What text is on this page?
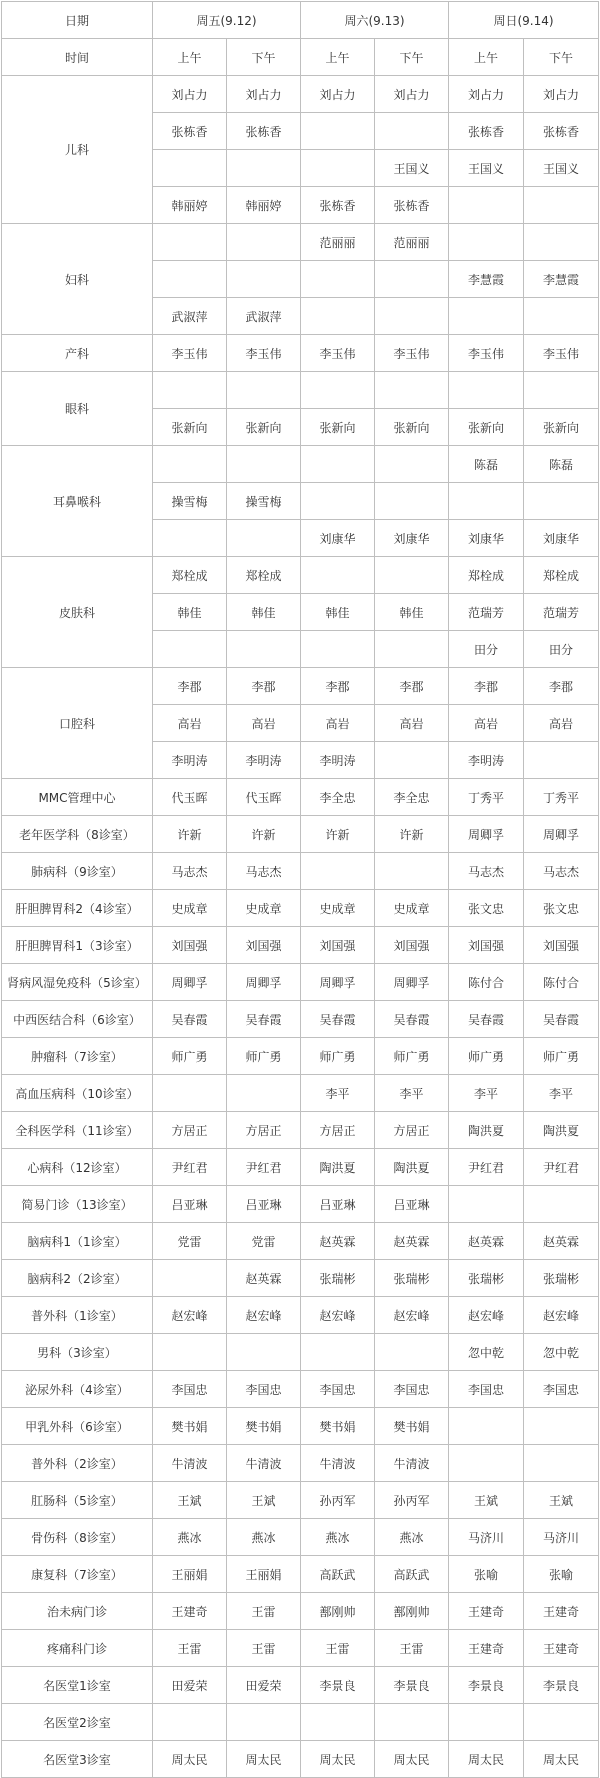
日期	周五(9.12)		周六(9.13)		周日(9.14)	
时间	上午	下午	上午	下午	上午	下午
儿科	刘占力	刘占力	刘占力	刘占力	刘占力	刘占力
	张栋香	张栋香			张栋香	张栋香
				王国义	王国义	王国义
	韩丽婷	韩丽婷	张栋香	张栋香		
妇科			范丽丽	范丽丽		
					李慧霞	李慧霞
	武淑萍	武淑萍				
产科	李玉伟	李玉伟	李玉伟	李玉伟	李玉伟	李玉伟
眼科						
	张新向	张新向	张新向	张新向	张新向	张新向
耳鼻喉科					陈磊	陈磊
	操雪梅	操雪梅				
			刘康华	刘康华	刘康华	刘康华
皮肤科	郑栓成	郑栓成			郑栓成	郑栓成
	韩佳	韩佳	韩佳	韩佳	范瑞芳	范瑞芳
					田分	田分
口腔科	李郡	李郡	李郡	李郡	李郡	李郡
	高岩	高岩	高岩	高岩	高岩	高岩
	李明涛	李明涛	李明涛		李明涛	
MMC管理中心	代玉晖	代玉晖	李全忠	李全忠	丁秀平	丁秀平
老年医学科（8诊室）	许新	许新	许新	许新	周卿孚	周卿孚
肺病科（9诊室）	马志杰	马志杰			马志杰	马志杰
肝胆脾胃科2（4诊室）	史成章	史成章	史成章	史成章	张文忠	张文忠
肝胆脾胃科1（3诊室）	刘国强	刘国强	刘国强	刘国强	刘国强	刘国强
肾病风湿免疫科（5诊室）	周卿孚	周卿孚	周卿孚	周卿孚	陈付合	陈付合
中西医结合科（6诊室）	吴春霞	吴春霞	吴春霞	吴春霞	吴春霞	吴春霞
肿瘤科（7诊室）	师广勇	师广勇	师广勇	师广勇	师广勇	师广勇
高血压病科（10诊室）			李平	李平	李平	李平
全科医学科（11诊室）	方居正	方居正	方居正	方居正	陶洪夏	陶洪夏
心病科（12诊室）	尹红君	尹红君	陶洪夏	陶洪夏	尹红君	尹红君
简易门诊（13诊室）	吕亚琳	吕亚琳	吕亚琳	吕亚琳		
脑病科1（1诊室）	党雷	党雷	赵英霖	赵英霖	赵英霖	赵英霖
脑病科2（2诊室）		赵英霖	张瑞彬	张瑞彬	张瑞彬	张瑞彬
普外科（1诊室）	赵宏峰	赵宏峰	赵宏峰	赵宏峰	赵宏峰	赵宏峰
男科（3诊室）					忽中乾	忽中乾
泌尿外科（4诊室）	李国忠	李国忠	李国忠	李国忠	李国忠	李国忠
甲乳外科（6诊室）	樊书娟	樊书娟	樊书娟	樊书娟		
普外科（2诊室）	牛清波	牛清波	牛清波	牛清波		
肛肠科（5诊室）	王斌	王斌	孙丙军	孙丙军	王斌	王斌
骨伤科（8诊室）	燕冰	燕冰	燕冰	燕冰	马济川	马济川
康复科（7诊室）	王丽娟	王丽娟	高跃武	高跃武	张喻	张喻
治未病门诊	王建奇	王雷	鄯刚帅	鄯刚帅	王建奇	王建奇
疼痛科门诊	王雷	王雷	王雷	王雷	王建奇	王建奇
名医堂1诊室	田爱荣	田爱荣	李景良	李景良	李景良	李景良
名医堂2诊室						
名医堂3诊室	周太民	周太民	周太民	周太民	周太民	周太民
